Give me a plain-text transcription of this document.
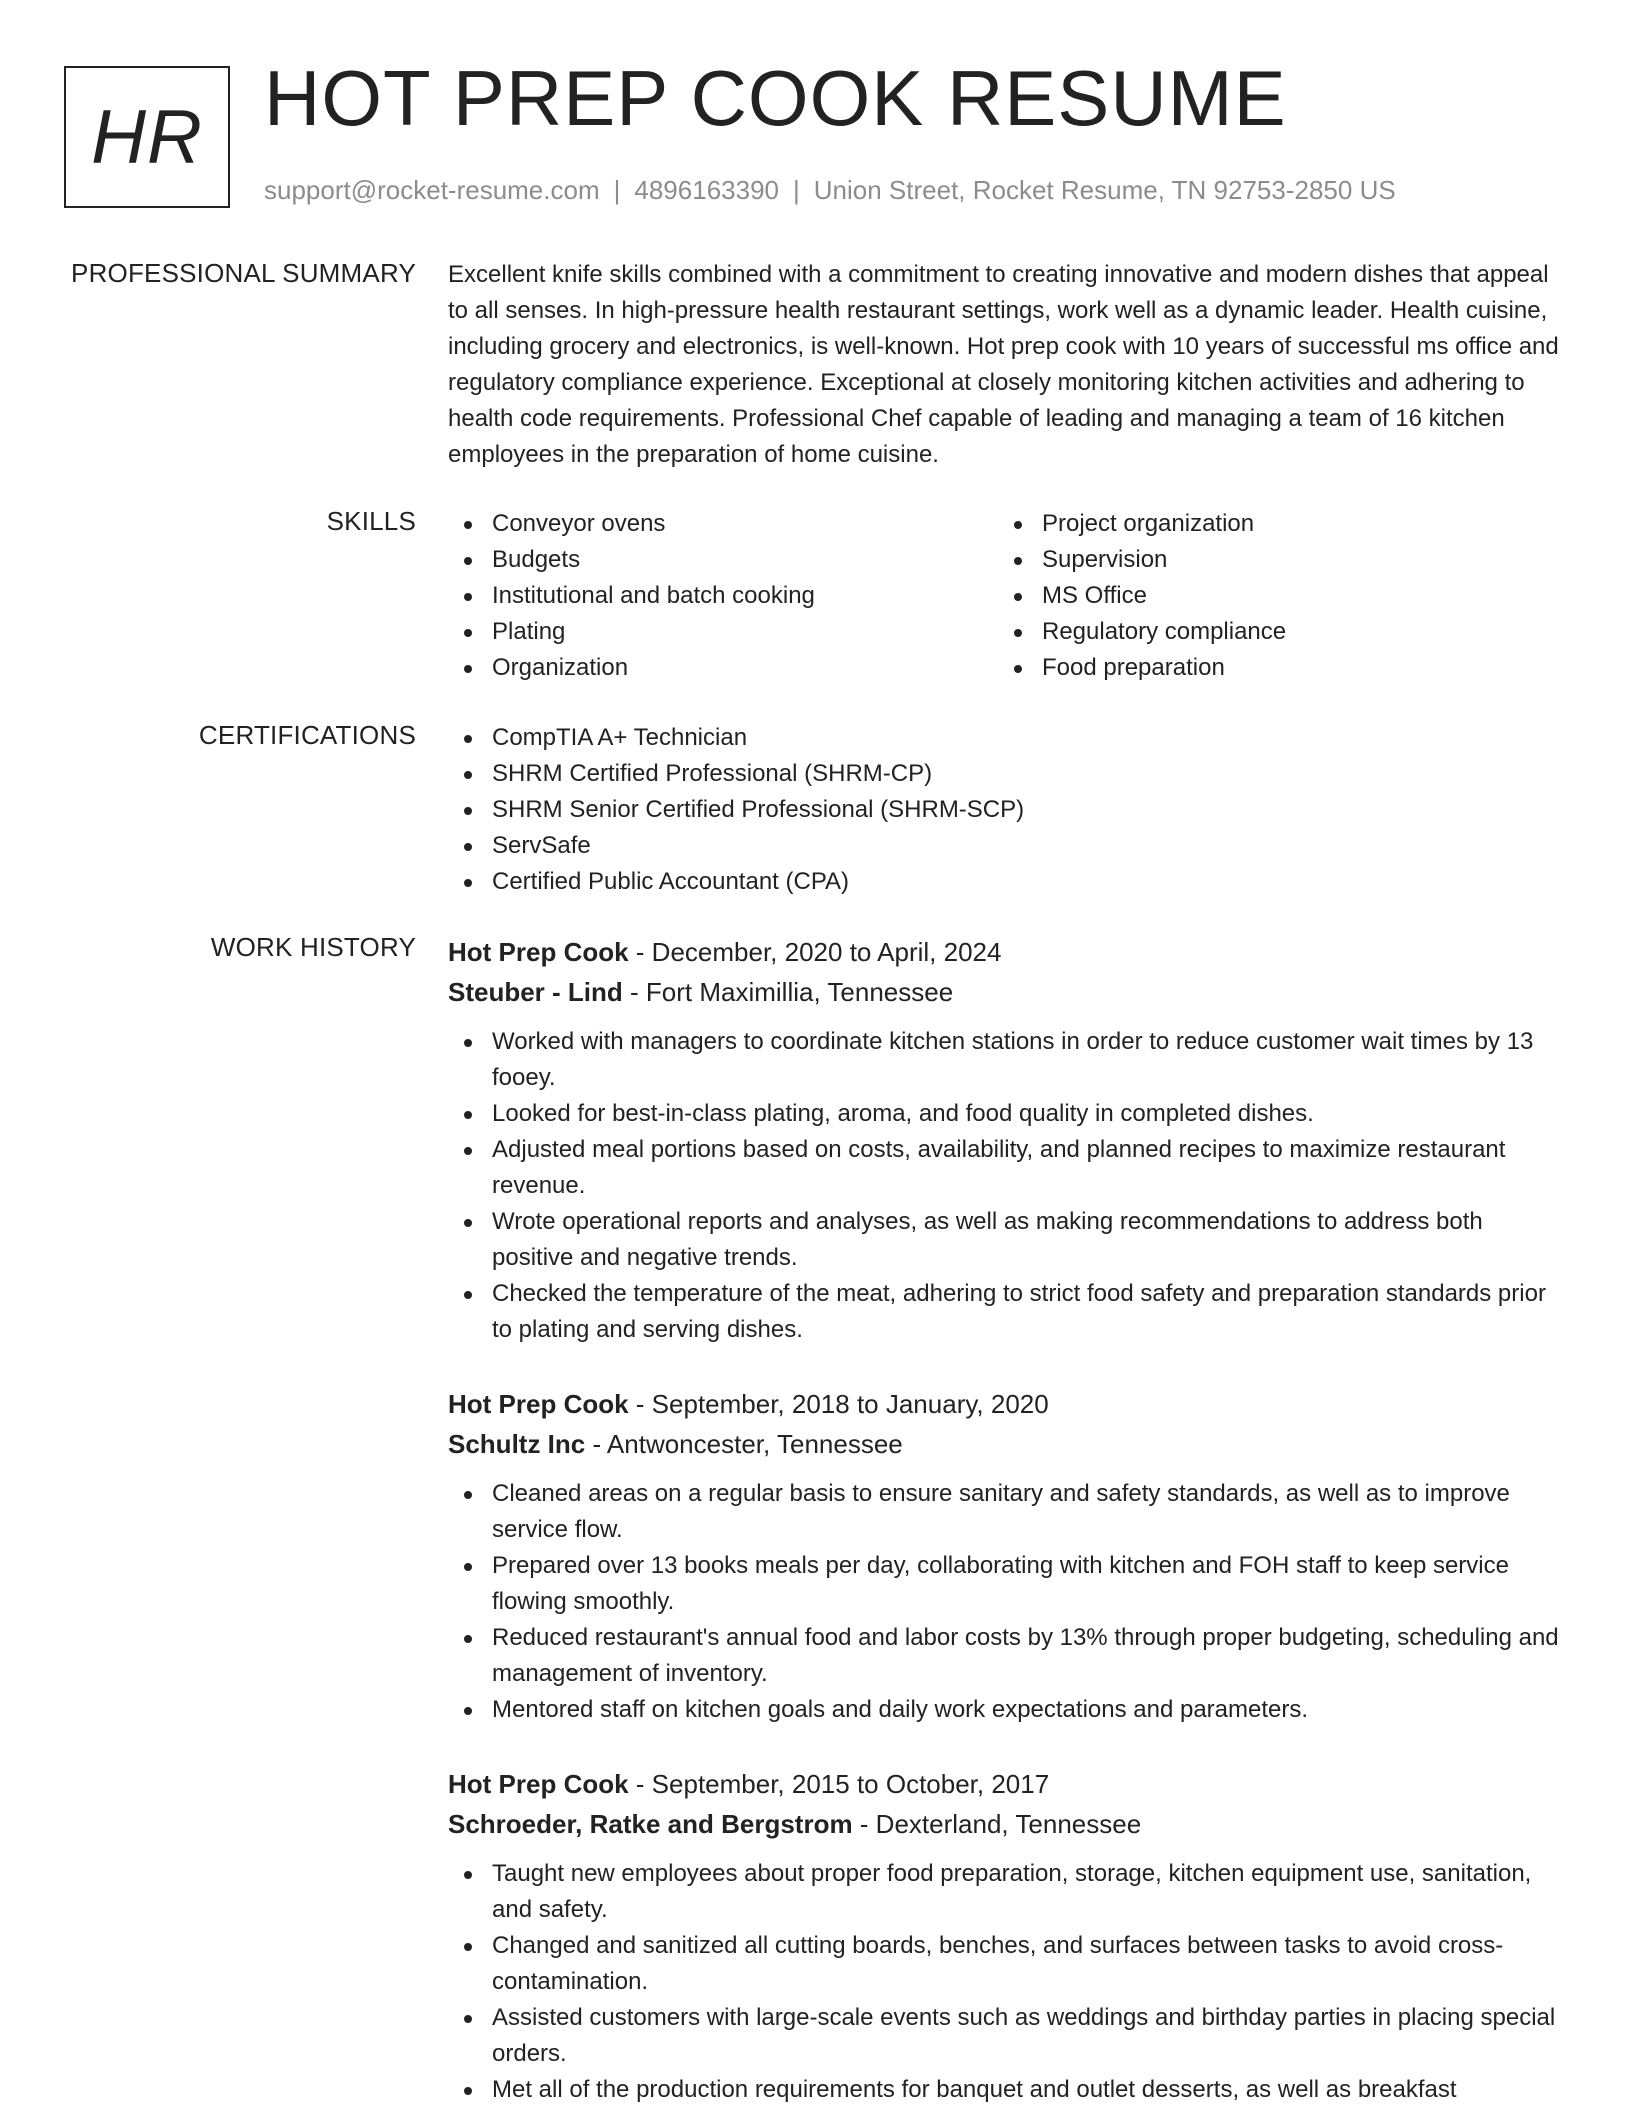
HR HOT PREP COOK RESUME
support@rocket-resume.com | 4896163390 | Union Street, Rocket Resume, TN 92753-2850 US
PROFESSIONAL SUMMARY Excellent knife skills combined with a commitment to creating innovative and modern dishes that appeal to all senses. In high-pressure health restaurant settings, work well as a dynamic leader. Health cuisine, including grocery and electronics, is well-known. Hot prep cook with 10 years of successful ms office and regulatory compliance experience. Exceptional at closely monitoring kitchen activities and adhering to health code requirements. Professional Chef capable of leading and managing a team of 16 kitchen employees in the preparation of home cuisine.

SKILLS	Conveyor ovens
Budgets
Institutional and batch cooking
Plating
Organization
Project organization
Supervision
MS Office
Regulatory compliance
Food preparation
CERTIFICATIONS	CompTIA A+ Technician
SHRM Certified Professional (SHRM-CP)
SHRM Senior Certified Professional (SHRM-SCP)
ServSafe
Certified Public Accountant (CPA)
WORK HISTORY Hot Prep Cook - December, 2020 to April, 2024
Steuber - Lind - Fort Maximillia, Tennessee
Worked with managers to coordinate kitchen stations in order to reduce customer wait times by 13 fooey.
Looked for best-in-class plating, aroma, and food quality in completed dishes.
Adjusted meal portions based on costs, availability, and planned recipes to maximize restaurant revenue.
Wrote operational reports and analyses, as well as making recommendations to address both positive and negative trends.
Checked the temperature of the meat, adhering to strict food safety and preparation standards prior to plating and serving dishes.
Hot Prep Cook - September, 2018 to January, 2020
Schultz Inc - Antwoncester, Tennessee
Cleaned areas on a regular basis to ensure sanitary and safety standards, as well as to improve service flow.
Prepared over 13 books meals per day, collaborating with kitchen and FOH staff to keep service flowing smoothly.
Reduced restaurant's annual food and labor costs by 13% through proper budgeting, scheduling and management of inventory.
Mentored staff on kitchen goals and daily work expectations and parameters.
Hot Prep Cook - September, 2015 to October, 2017
Schroeder, Ratke and Bergstrom - Dexterland, Tennessee
Taught new employees about proper food preparation, storage, kitchen equipment use, sanitation, and safety.
Changed and sanitized all cutting boards, benches, and surfaces between tasks to avoid cross-contamination.
Assisted customers with large-scale events such as weddings and birthday parties in placing special orders.
Met all of the production requirements for banquet and outlet desserts, as well as breakfast
